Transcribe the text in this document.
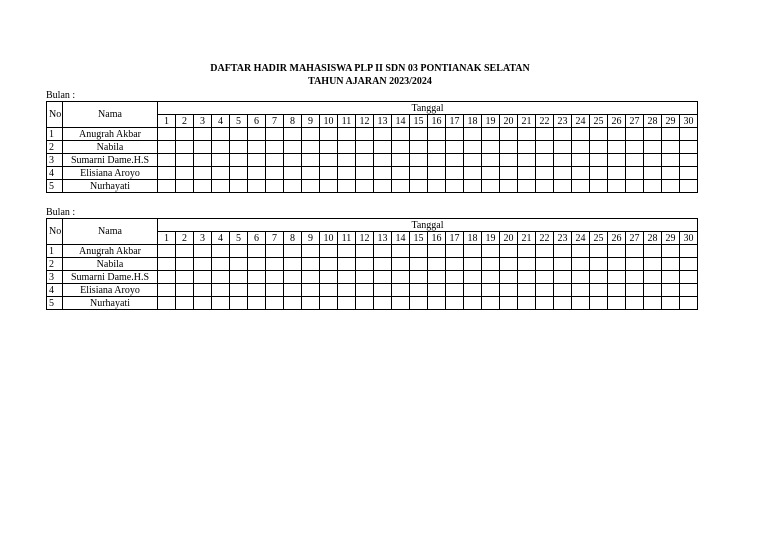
DAFTAR HADIR MAHASISWA PLP II SDN 03 PONTIANAK SELATAN
TAHUN AJARAN 2023/2024
Bulan :
No	Nama	Tanggal																													
		1	2	3	4	5	6	7	8	9	10	11	12	13	14	15	16	17	18	19	20	21	22	23	24	25	26	27	28	29	30
1	Anugrah Akbar																														
2	Nabila																														
3	Sumarni Dame.H.S																														
4	Elisiana Aroyo																														
5	Nurhayati																														
Bulan :
No	Nama	Tanggal																													
		1	2	3	4	5	6	7	8	9	10	11	12	13	14	15	16	17	18	19	20	21	22	23	24	25	26	27	28	29	30
1	Anugrah Akbar																														
2	Nabila																														
3	Sumarni Dame.H.S																														
4	Elisiana Aroyo																														
5	Nurhayati																														
